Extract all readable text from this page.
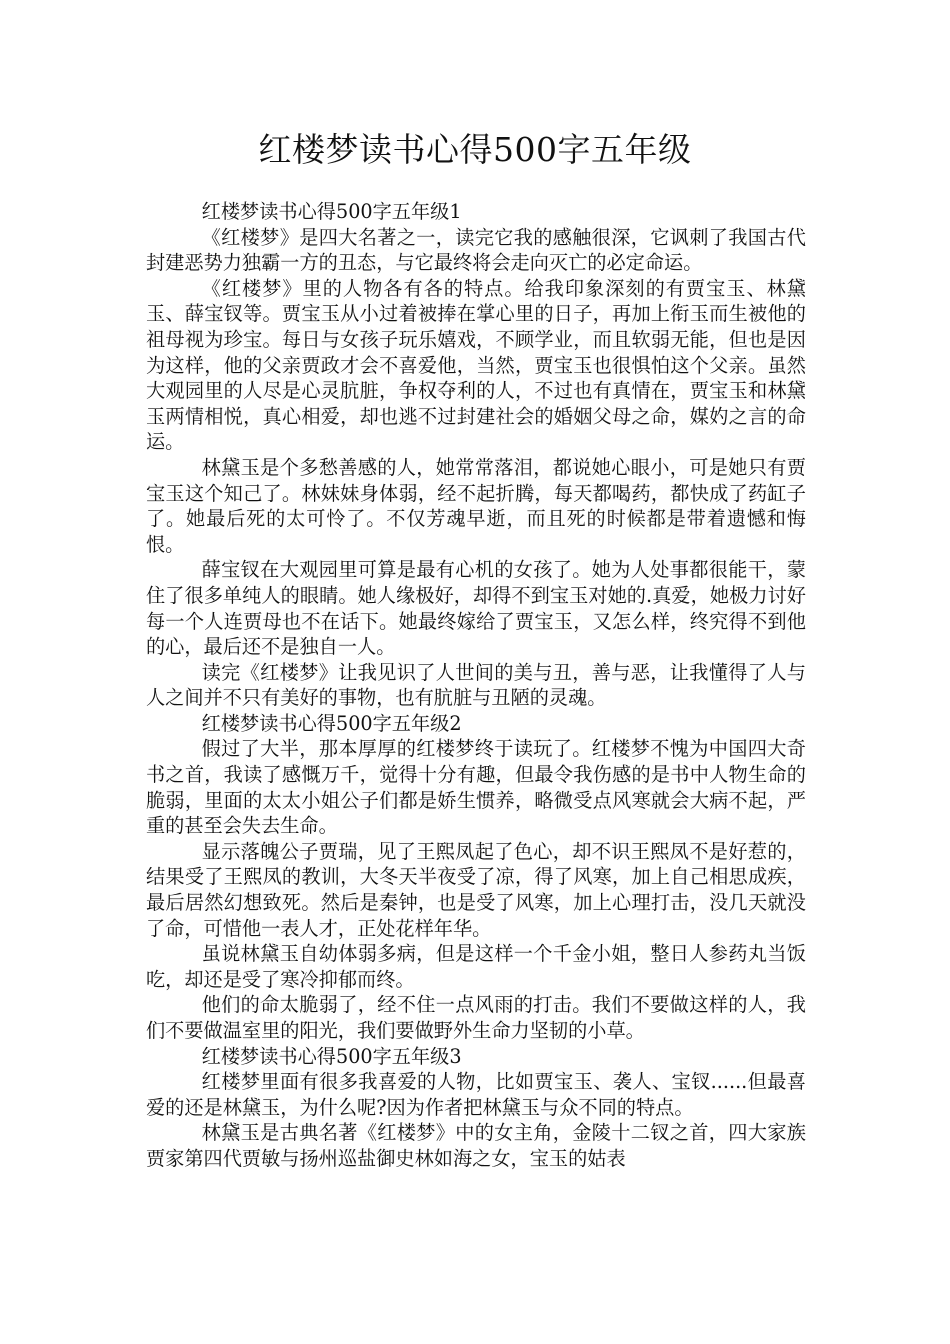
红楼梦读书心得500字五年级

红楼梦读书心得500字五年级1

《红楼梦》是四大名著之一，读完它我的感触很深，它讽刺了我国古代封建恶势力独霸一方的丑态，与它最终将会走向灭亡的必定命运。

《红楼梦》里的人物各有各的特点。给我印象深刻的有贾宝玉、林黛玉、薛宝钗等。贾宝玉从小过着被捧在掌心里的日子，再加上衔玉而生被他的祖母视为珍宝。每日与女孩子玩乐嬉戏，不顾学业，而且软弱无能，但也是因为这样，他的父亲贾政才会不喜爱他，当然，贾宝玉也很惧怕这个父亲。虽然大观园里的人尽是心灵肮脏，争权夺利的人，不过也有真情在，贾宝玉和林黛玉两情相悦，真心相爱，却也逃不过封建社会的婚姻父母之命，媒妁之言的命运。

林黛玉是个多愁善感的人，她常常落泪，都说她心眼小，可是她只有贾宝玉这个知己了。林妹妹身体弱，经不起折腾，每天都喝药，都快成了药缸子了。她最后死的太可怜了。不仅芳魂早逝，而且死的时候都是带着遗憾和悔恨。

薛宝钗在大观园里可算是最有心机的女孩了。她为人处事都很能干，蒙住了很多单纯人的眼睛。她人缘极好，却得不到宝玉对她的.真爱，她极力讨好每一个人连贾母也不在话下。她最终嫁给了贾宝玉，又怎么样，终究得不到他的心，最后还不是独自一人。

读完《红楼梦》让我见识了人世间的美与丑，善与恶，让我懂得了人与人之间并不只有美好的事物，也有肮脏与丑陋的灵魂。

红楼梦读书心得500字五年级2

假过了大半，那本厚厚的红楼梦终于读玩了。红楼梦不愧为中国四大奇书之首，我读了感慨万千，觉得十分有趣，但最令我伤感的是书中人物生命的脆弱，里面的太太小姐公子们都是娇生惯养，略微受点风寒就会大病不起，严重的甚至会失去生命。

显示落魄公子贾瑞，见了王熙凤起了色心，却不识王熙凤不是好惹的，结果受了王熙凤的教训，大冬天半夜受了凉，得了风寒，加上自己相思成疾，最后居然幻想致死。然后是秦钟，也是受了风寒，加上心理打击，没几天就没了命，可惜他一表人才，正处花样年华。

虽说林黛玉自幼体弱多病，但是这样一个千金小姐，整日人参药丸当饭吃，却还是受了寒冷抑郁而终。

他们的命太脆弱了，经不住一点风雨的打击。我们不要做这样的人，我们不要做温室里的阳光，我们要做野外生命力坚韧的小草。

红楼梦读书心得500字五年级3

红楼梦里面有很多我喜爱的人物，比如贾宝玉、袭人、宝钗......但最喜爱的还是林黛玉，为什么呢?因为作者把林黛玉与众不同的特点。

林黛玉是古典名著《红楼梦》中的女主角，金陵十二钗之首，四大家族贾家第四代贾敏与扬州巡盐御史林如海之女，宝玉的姑表
